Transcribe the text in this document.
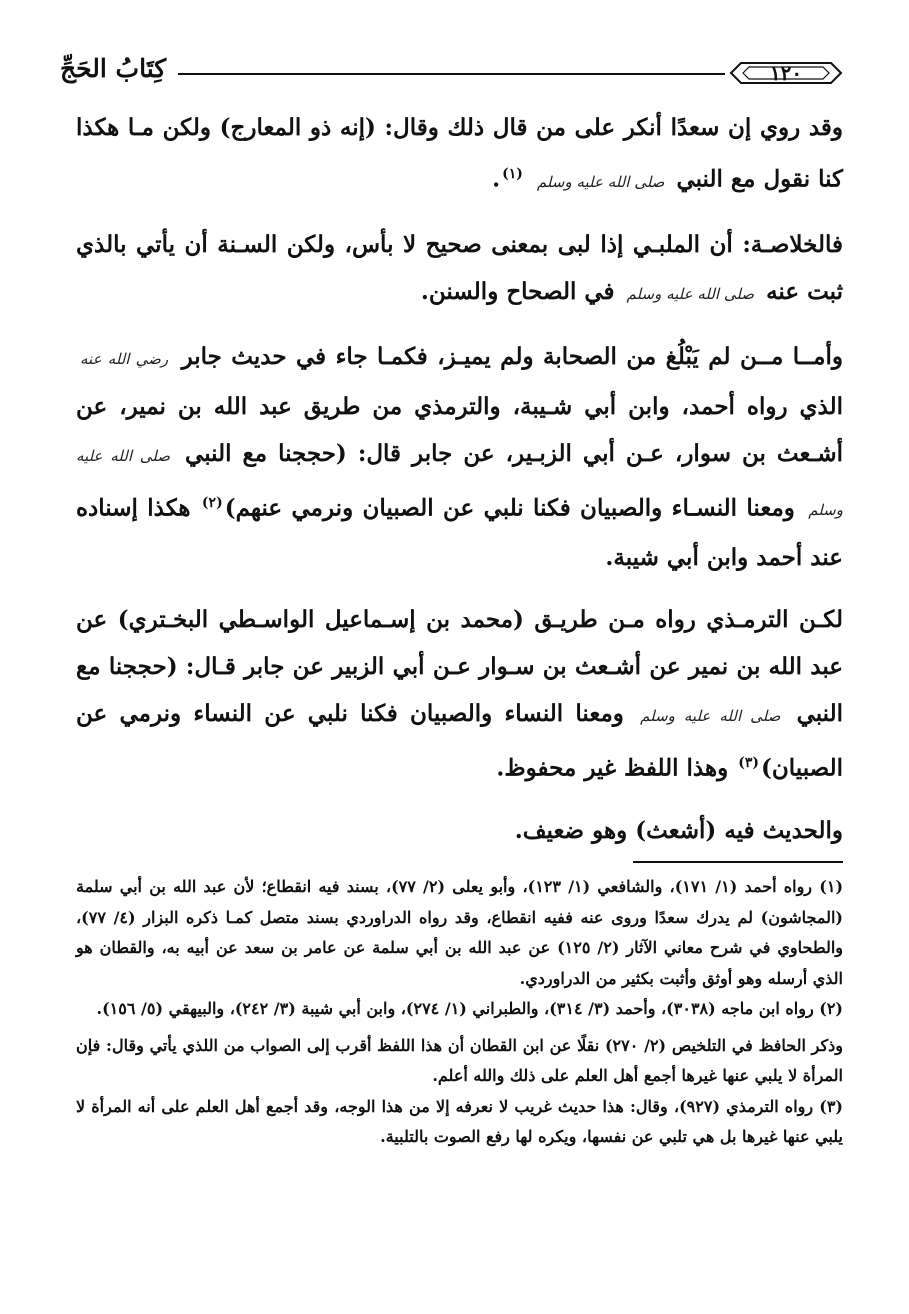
كِتَابُ الحَجِّ	١٢٠

وقد روي إن سعدًا أنكر على من قال ذلك وقال: (إنه ذو المعارج) ولكن مـا هكذا كنا نقول مع النبي صلى الله عليه وسلم $^{(١)}$.

فالخلاصـة: أن الملبـي إذا لبى بمعنى صحيح لا بأس، ولكن السـنة أن يأتي بالذي ثبت عنه صلى الله عليه وسلم في الصحاح والسنن.

وأمــا مــن لم يَبْلُغ من الصحابة ولم يميـز، فكمـا جاء في حديث جابر رضي الله عنه الذي رواه أحمد، وابن أبي شـيبة، والترمذي من طريق عبد الله بن نمير، عن أشـعث بن سوار، عـن أبي الزبـير، عن جابر قال: (حججنا مع النبي صلى الله عليه وسلم ومعنا النسـاء والصبيان فكنا نلبي عن الصبيان ونرمي عنهم)$^{(٢)}$ هكذا إسناده عند أحمد وابن أبي شيبة.

لكـن الترمـذي رواه مـن طريـق (محمد بن إسـماعيل الواسـطي البخـتري) عن عبد الله بن نمير عن أشـعث بن سـوار عـن أبي الزبير عن جابر قـال: (حججنا مع النبي صلى الله عليه وسلم ومعنا النساء والصبيان فكنا نلبي عن النساء ونرمي عن الصبيان)$^{(٣)}$ وهذا اللفظ غير محفوظ.

والحديث فيه (أشعث) وهو ضعيف.

(١) رواه أحمد (١/ ١٧١)، والشافعي (١/ ١٢٣)، وأبو يعلى (٢/ ٧٧)، بسند فيه انقطاع؛ لأن عبد الله بن أبي سلمة (المجاشون) لم يدرك سعدًا وروى عنه ففيه انقطاع، وقد رواه الدراوردي بسند متصل كمـا ذكره البزار (٤/ ٧٧)، والطحاوي في شرح معاني الآثار (٢/ ١٢٥) عن عبد الله بن أبي سلمة عن عامر بن سعد عن أبيه به، والقطان هو الذي أرسله وهو أوثق وأثبت بكثير من الدراوردي.

(٢) رواه ابن ماجه (٣٠٣٨)، وأحمد (٣/ ٣١٤)، والطبراني (١/ ٢٧٤)، وابن أبي شيبة (٣/ ٢٤٢)، والبيهقي (٥/ ١٥٦).

وذكر الحافظ في التلخيص (٢/ ٢٧٠) نقلًا عن ابن القطان أن هذا اللفظ أقرب إلى الصواب من اللذي يأتي وقال: فإن المرأة لا يلبي عنها غيرها أجمع أهل العلم على ذلك والله أعلم.

(٣) رواه الترمذي (٩٢٧)، وقال: هذا حديث غريب لا نعرفه إلا من هذا الوجه، وقد أجمع أهل العلم على أنه المرأة لا يلبي عنها غيرها بل هي تلبي عن نفسها، ويكره لها رفع الصوت بالتلبية.
